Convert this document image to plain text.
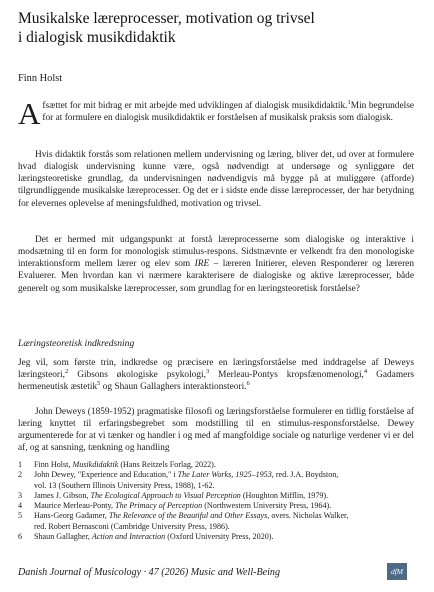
Musikalske læreprocesser, motivation og trivsel
i dialogisk musikdidaktik
Finn Holst
Afsættet for mit bidrag er mit arbejde med udviklingen af dialogisk musikdidaktik.$^1$Min begrundelse for at formulere en dialogisk musikdidaktik er forståelsen af musikalsk praksis som dialogisk.
Hvis didaktik forstås som relationen mellem undervisning og læring, bliver det, ud over at formulere hvad dialogisk undervisning kunne være, også nødvendigt at undersøge og synliggøre det læringsteoretiske grundlag, da undervisningen nødvendigvis må bygge på at muliggøre (afforde) tilgrundliggende musikalske læreprocesser. Og det er i sidste ende disse læreprocesser, der har betydning for elevernes oplevelse af meningsfuldhed, motivation og trivsel.
Det er hermed mit udgangspunkt at forstå læreprocesserne som dialogiske og interaktive i modsætning til en form for monologisk stimulus-respons. Sidstnævnte er velkendt fra den monologiske interaktionsform mellem lærer og elev som IRE – læreren Initierer, eleven Responderer og læreren Evaluerer. Men hvordan kan vi nærmere karakterisere de dialogiske og aktive læreprocesser, både generelt og som musikalske læreprocesser, som grundlag for en læringsteoretisk forståelse?
Læringsteoretisk indkredsning
Jeg vil, som første trin, indkredse og præcisere en læringsforståelse med inddragelse af Deweys læringsteori,$^2$ Gibsons økologiske psykologi,$^3$ Merleau-Pontys kropsfænomenologi,$^4$ Gadamers hermeneutisk æstetik$^5$ og Shaun Gallaghers interaktionsteori.$^6$
John Deweys (1859-1952) pragmatiske filosofi og læringsforståelse formulerer en tidlig forståelse af læring knyttet til erfaringsbegrebet som modstilling til en stimulus-responsforståelse. Dewey argumenterede for at vi tænker og handler i og med af mangfoldige sociale og naturlige verdener vi er del af, og at sansning, tænkning og handling
1	Finn Holst, Musikdidaktik (Hans Reitzels Forlag, 2022).
2	John Dewey, "Experience and Education," i The Later Works, 1925–1953, red. J.A. Boydston,
vol. 13 (Southern Illinois University Press, 1988), 1-62.
3	James J. Gibson, The Ecological Approach to Visual Perception (Houghton Mifflin, 1979).
4	Maurice Merleau-Ponty, The Primacy of Perception (Northwestern University Press, 1964).
5	Hans-Georg Gadamer, The Relevance of the Beautiful and Other Essays, overs. Nicholas Walker,
red. Robert Bernasconi (Cambridge University Press, 1986).
6	Shaun Gallagher, Action and Interaction (Oxford University Press, 2020).
Danish Journal of Musicology · 47 (2026) Music and Well-Being	dfM
